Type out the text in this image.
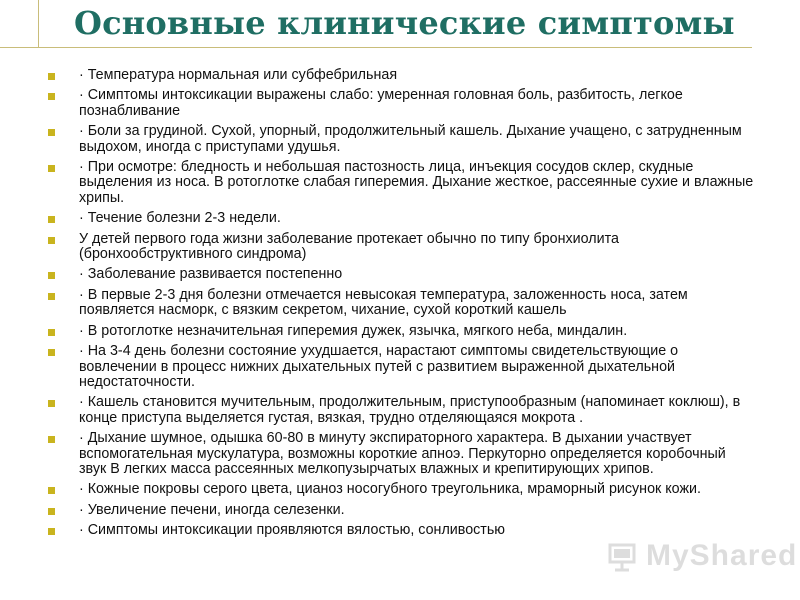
Основные клинические симптомы
· Температура нормальная или субфебрильная
· Симптомы интоксикации выражены слабо: умеренная головная боль, разбитость, легкое познабливание
· Боли за грудиной. Сухой, упорный, продолжительный кашель. Дыхание учащено, с затрудненным выдохом, иногда с приступами удушья.
· При осмотре: бледность и небольшая пастозность лица, инъекция сосудов склер, скудные выделения из носа. В ротоглотке слабая гиперемия. Дыхание жесткое, рассеянные сухие и влажные хрипы.
· Течение болезни 2-3 недели.
У детей первого года жизни заболевание протекает обычно по типу бронхиолита (бронхообструктивного синдрома)
· Заболевание развивается постепенно
· В первые 2-3 дня болезни отмечается невысокая температура, заложенность носа, затем появляется насморк, с вязким секретом, чихание, сухой короткий кашель
· В ротоглотке незначительная гиперемия дужек, язычка, мягкого неба, миндалин.
· На 3-4 день болезни состояние ухудшается, нарастают симптомы свидетельствующие о вовлечении в процесс нижних дыхательных путей с развитием выраженной дыхательной недостаточности.
· Кашель становится мучительным, продолжительным, приступообразным (напоминает коклюш), в конце приступа выделяется густая, вязкая, трудно отделяющаяся мокрота .
· Дыхание шумное, одышка 60-80 в минуту экспираторного характера. В дыхании участвует вспомогательная мускулатура, возможны короткие апноэ. Перкуторно определяется коробочный звук В легких масса рассеянных мелкопузырчатых влажных и крепитирующих хрипов.
· Кожные покровы серого цвета, цианоз носогубного треугольника, мраморный рисунок кожи.
· Увеличение печени, иногда селезенки.
· Симптомы интоксикации проявляются вялостью, сонливостью
MyShared
